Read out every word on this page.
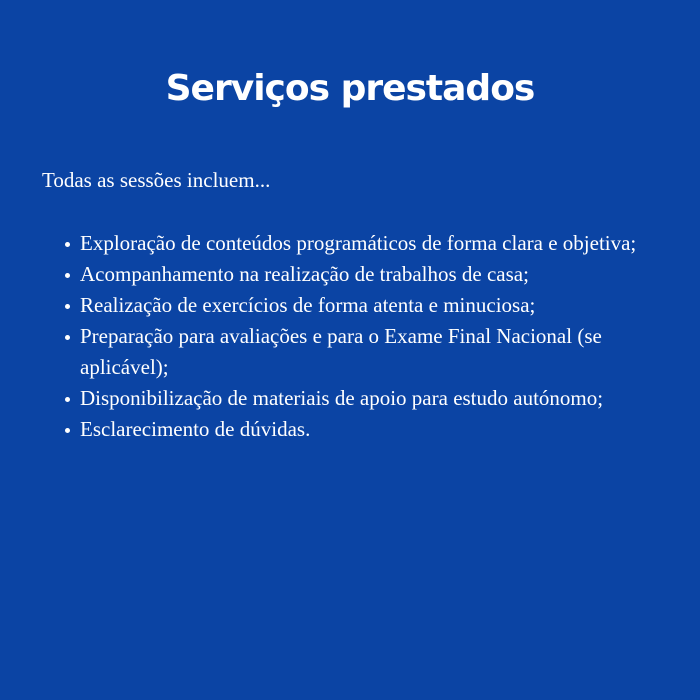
Serviços prestados

Todas as sessões incluem...

Exploração de conteúdos programáticos de forma clara e objetiva;
Acompanhamento na realização de trabalhos de casa;
Realização de exercícios de forma atenta e minuciosa;
Preparação para avaliações e para o Exame Final Nacional (se aplicável);
Disponibilização de materiais de apoio para estudo autónomo;
Esclarecimento de dúvidas.
